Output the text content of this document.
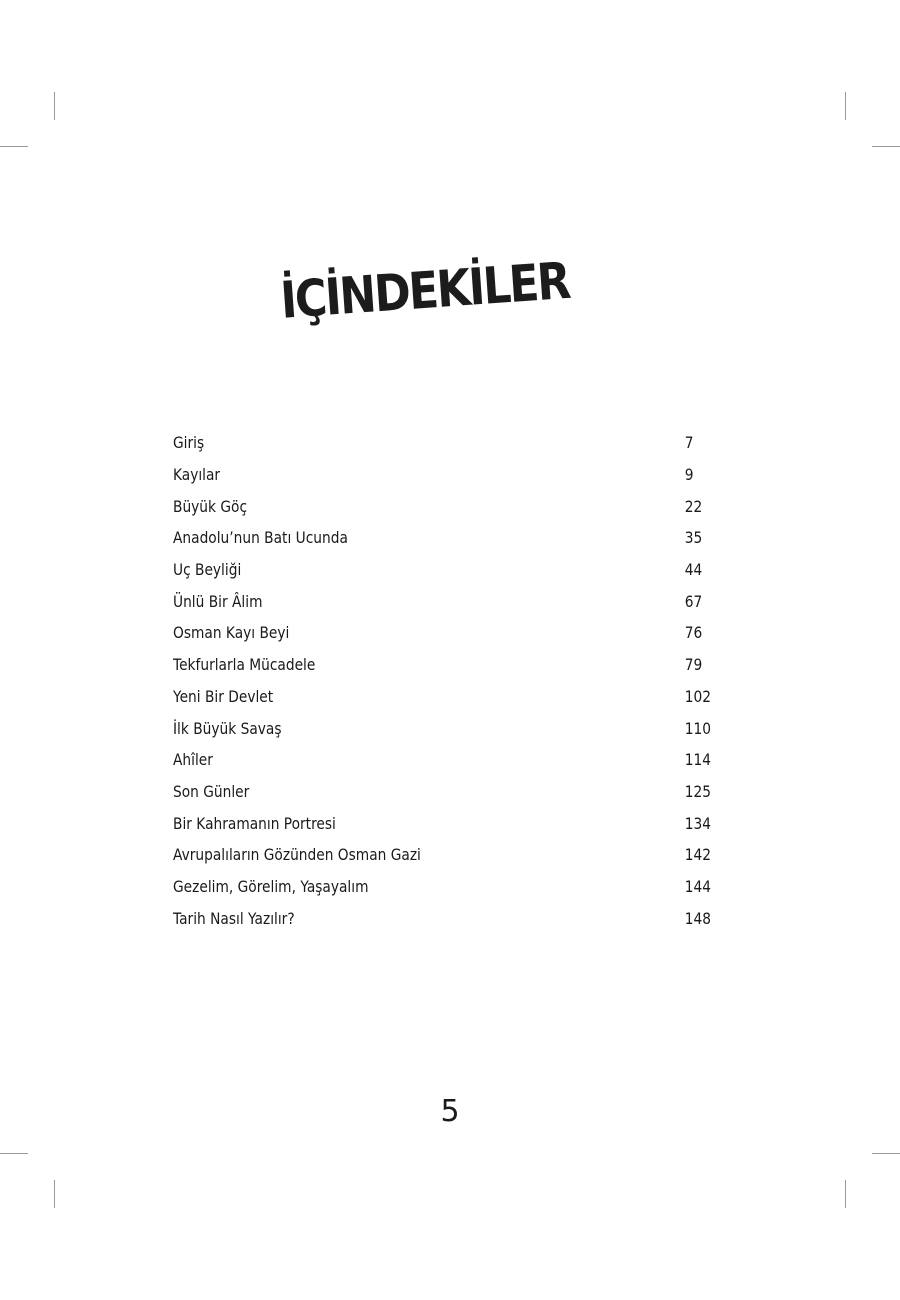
İÇİNDEKİLER
Giriş	7
Kayılar	9
Büyük Göç	22
Anadolu’nun Batı Ucunda	35
Uç Beyliği	44
Ünlü Bir Âlim	67
Osman Kayı Beyi	76
Tekfurlarla Mücadele	79
Yeni Bir Devlet	102
İlk Büyük Savaş	110
Ahîler	114
Son Günler	125
Bir Kahramanın Portresi	134
Avrupalıların Gözünden Osman Gazi	142
Gezelim, Görelim, Yaşayalım	144
Tarih Nasıl Yazılır?	148
5
